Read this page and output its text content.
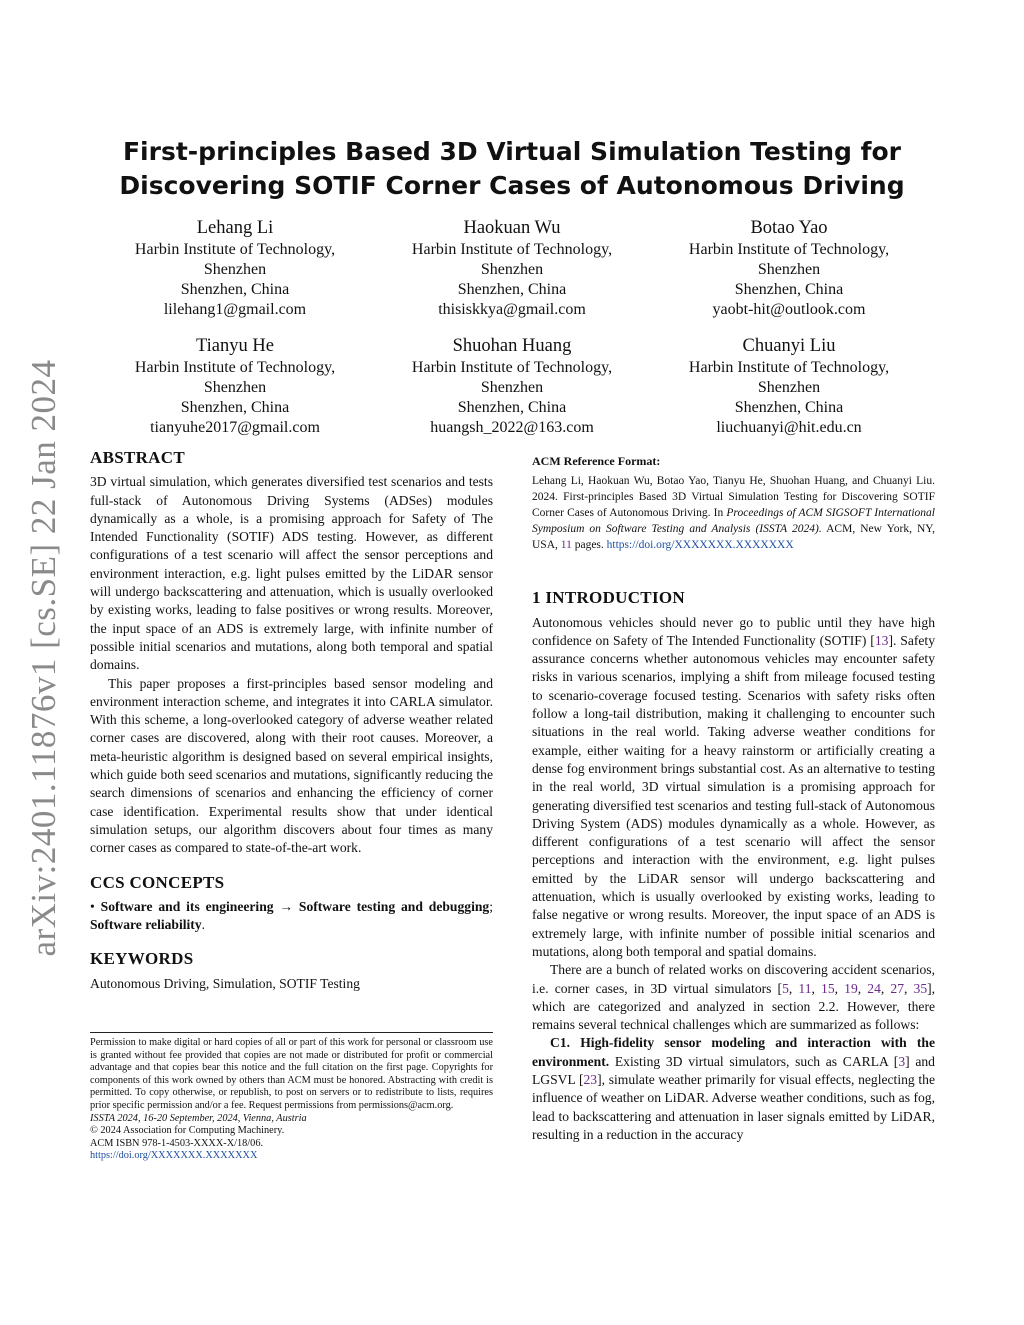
arXiv:2401.11876v1 [cs.SE] 22 Jan 2024
First-principles Based 3D Virtual Simulation Testing for
Discovering SOTIF Corner Cases of Autonomous Driving
Lehang Li
Harbin Institute of Technology,
Shenzhen
Shenzhen, China
lilehang1@gmail.com
Haokuan Wu
Harbin Institute of Technology,
Shenzhen
Shenzhen, China
thisiskkya@gmail.com
Botao Yao
Harbin Institute of Technology,
Shenzhen
Shenzhen, China
yaobt-hit@outlook.com
Tianyu He
Harbin Institute of Technology,
Shenzhen
Shenzhen, China
tianyuhe2017@gmail.com
Shuohan Huang
Harbin Institute of Technology,
Shenzhen
Shenzhen, China
huangsh_2022@163.com
Chuanyi Liu
Harbin Institute of Technology,
Shenzhen
Shenzhen, China
liuchuanyi@hit.edu.cn
ABSTRACT

3D virtual simulation, which generates diversified test scenarios and tests full-stack of Autonomous Driving Systems (ADSes) modules dynamically as a whole, is a promising approach for Safety of The Intended Functionality (SOTIF) ADS testing. However, as different configurations of a test scenario will affect the sensor perceptions and environment interaction, e.g. light pulses emitted by the LiDAR sensor will undergo backscattering and attenuation, which is usually overlooked by existing works, leading to false positives or wrong results. Moreover, the input space of an ADS is extremely large, with infinite number of possible initial scenarios and mutations, along both temporal and spatial domains.

This paper proposes a first-principles based sensor modeling and environment interaction scheme, and integrates it into CARLA simulator. With this scheme, a long-overlooked category of adverse weather related corner cases are discovered, along with their root causes. Moreover, a meta-heuristic algorithm is designed based on several empirical insights, which guide both seed scenarios and mutations, significantly reducing the search dimensions of scenarios and enhancing the efficiency of corner case identification. Experimental results show that under identical simulation setups, our algorithm discovers about four times as many corner cases as compared to state-of-the-art work.

CCS CONCEPTS

• Software and its engineering → Software testing and debugging; Software reliability.

KEYWORDS

Autonomous Driving, Simulation, SOTIF Testing

Permission to make digital or hard copies of all or part of this work for personal or classroom use is granted without fee provided that copies are not made or distributed for profit or commercial advantage and that copies bear this notice and the full citation on the first page. Copyrights for components of this work owned by others than ACM must be honored. Abstracting with credit is permitted. To copy otherwise, or republish, to post on servers or to redistribute to lists, requires prior specific permission and/or a fee. Request permissions from permissions@acm.org.

ISSTA 2024, 16-20 September, 2024, Vienna, Austria

© 2024 Association for Computing Machinery.

ACM ISBN 978-1-4503-XXXX-X/18/06.

https://doi.org/XXXXXXX.XXXXXXX

ACM Reference Format:

Lehang Li, Haokuan Wu, Botao Yao, Tianyu He, Shuohan Huang, and Chuanyi Liu. 2024. First-principles Based 3D Virtual Simulation Testing for Discovering SOTIF Corner Cases of Autonomous Driving. In Proceedings of ACM SIGSOFT International Symposium on Software Testing and Analysis (ISSTA 2024). ACM, New York, NY, USA, 11 pages. https://doi.org/XXXXXXX.XXXXXXX

1 INTRODUCTION

Autonomous vehicles should never go to public until they have high confidence on Safety of The Intended Functionality (SOTIF) [13]. Safety assurance concerns whether autonomous vehicles may encounter safety risks in various scenarios, implying a shift from mileage focused testing to scenario-coverage focused testing. Scenarios with safety risks often follow a long-tail distribution, making it challenging to encounter such situations in the real world. Taking adverse weather conditions for example, either waiting for a heavy rainstorm or artificially creating a dense fog environment brings substantial cost. As an alternative to testing in the real world, 3D virtual simulation is a promising approach for generating diversified test scenarios and testing full-stack of Autonomous Driving System (ADS) modules dynamically as a whole. However, as different configurations of a test scenario will affect the sensor perceptions and interaction with the environment, e.g. light pulses emitted by the LiDAR sensor will undergo backscattering and attenuation, which is usually overlooked by existing works, leading to false negative or wrong results. Moreover, the input space of an ADS is extremely large, with infinite number of possible initial scenarios and mutations, along both temporal and spatial domains.

There are a bunch of related works on discovering accident scenarios, i.e. corner cases, in 3D virtual simulators [5, 11, 15, 19, 24, 27, 35], which are categorized and analyzed in section 2.2. However, there remains several technical challenges which are summarized as follows:

C1. High-fidelity sensor modeling and interaction with the environment. Existing 3D virtual simulators, such as CARLA [3] and LGSVL [23], simulate weather primarily for visual effects, neglecting the influence of weather on LiDAR. Adverse weather conditions, such as fog, lead to backscattering and attenuation in laser signals emitted by LiDAR, resulting in a reduction in the accuracy
